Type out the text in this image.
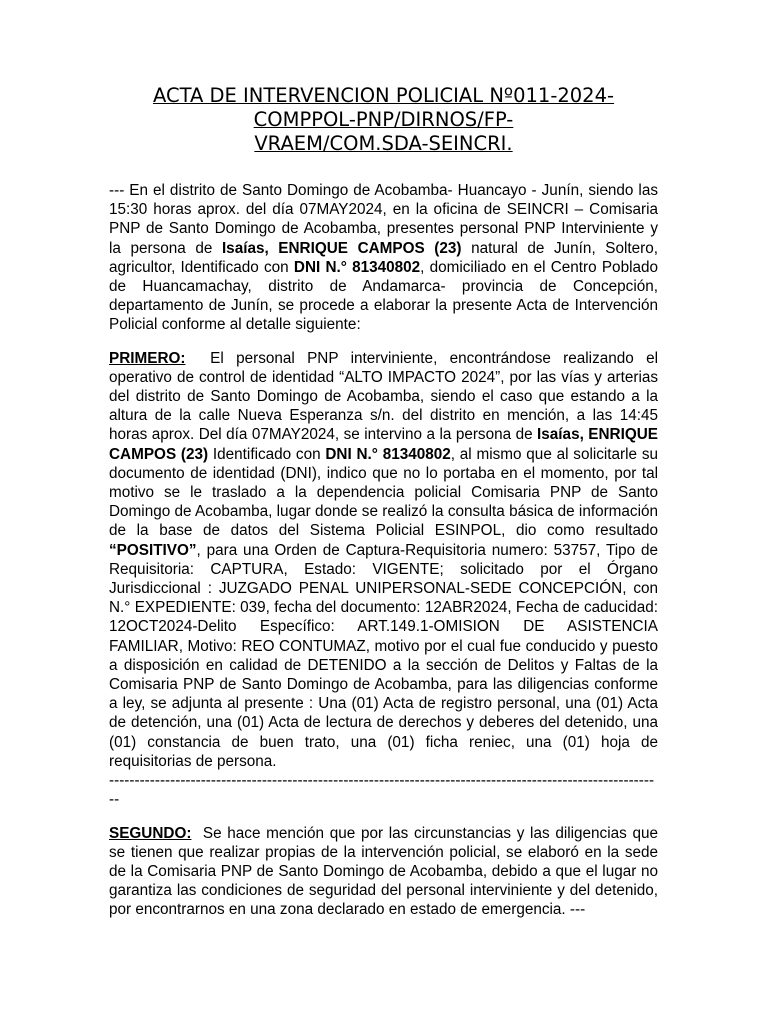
ACTA DE INTERVENCION POLICIAL Nº011-2024-
COMPPOL-PNP/DIRNOS/FP-
VRAEM/COM.SDA-SEINCRI.

--- En el distrito de Santo Domingo de Acobamba- Huancayo - Junín, siendo las 15:30 horas aprox. del día 07MAY2024, en la oficina de SEINCRI – Comisaria PNP de Santo Domingo de Acobamba, presentes personal PNP Interviniente y la persona de Isaías, ENRIQUE CAMPOS (23) natural de Junín, Soltero, agricultor, Identificado con DNI N.° 81340802, domiciliado en el Centro Poblado de Huancamachay, distrito de Andamarca- provincia de Concepción, departamento de Junín, se procede a elaborar la presente Acta de Intervención Policial conforme al detalle siguiente:

PRIMERO:  El personal PNP interviniente, encontrándose realizando el operativo de control de identidad “ALTO IMPACTO 2024”, por las vías y arterias del distrito de Santo Domingo de Acobamba, siendo el caso que estando a la altura de la calle Nueva Esperanza s/n. del distrito en mención, a las 14:45 horas aprox. Del día 07MAY2024, se intervino a la persona de Isaías, ENRIQUE CAMPOS (23) Identificado con DNI N.° 81340802, al mismo que al solicitarle su documento de identidad (DNI), indico que no lo portaba en el momento, por tal motivo se le traslado a la dependencia policial Comisaria PNP de Santo Domingo de Acobamba, lugar donde se realizó la consulta básica de información de la base de datos del Sistema Policial ESINPOL, dio como resultado “POSITIVO”, para una Orden de Captura-Requisitoria numero: 53757, Tipo de Requisitoria: CAPTURA, Estado: VIGENTE; solicitado por el Órgano Jurisdiccional : JUZGADO PENAL UNIPERSONAL-SEDE CONCEPCIÓN, con N.° EXPEDIENTE: 039, fecha del documento: 12ABR2024, Fecha de caducidad: 12OCT2024-Delito Específico: ART.149.1-OMISION DE ASISTENCIA FAMILIAR, Motivo: REO CONTUMAZ, motivo por el cual fue conducido y puesto a disposición en calidad de DETENIDO a la sección de Delitos y Faltas de la Comisaria PNP de Santo Domingo de Acobamba, para las diligencias conforme a ley, se adjunta al presente : Una (01) Acta de registro personal, una (01) Acta de detención, una (01) Acta de lectura de derechos y deberes del detenido, una (01) constancia de buen trato, una (01) ficha reniec, una (01) hoja de requisitorias de persona.
-------------------------------------------------------------------------------------------------------------

SEGUNDO:  Se hace mención que por las circunstancias y las diligencias que se tienen que realizar propias de la intervención policial, se elaboró en la sede de la Comisaria PNP de Santo Domingo de Acobamba, debido a que el lugar no garantiza las condiciones de seguridad del personal interviniente y del detenido, por encontrarnos en una zona declarado en estado de emergencia. ---
